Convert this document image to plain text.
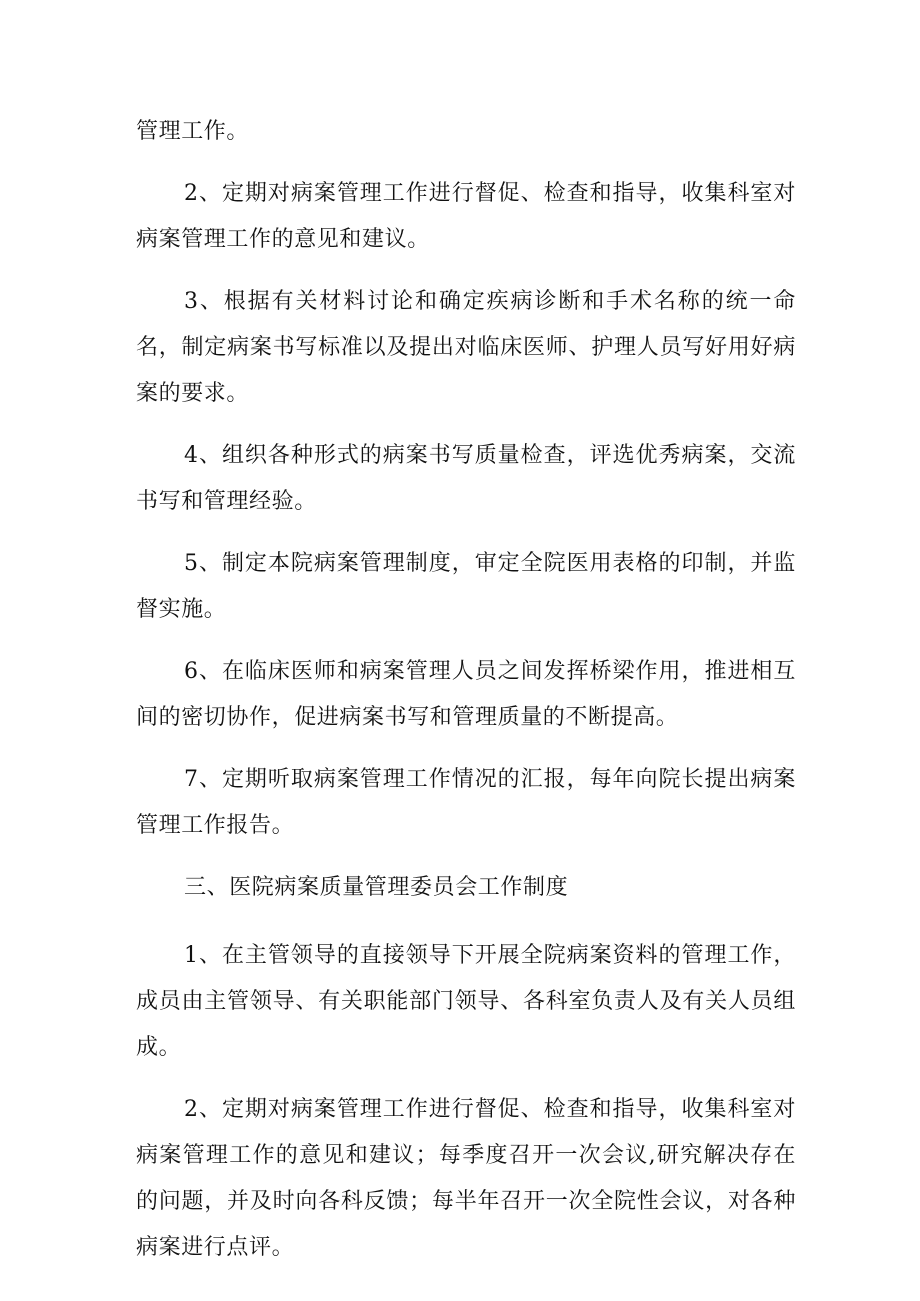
管理工作。

2、定期对病案管理工作进行督促、检查和指导，收集科室对病案管理工作的意见和建议。

3、根据有关材料讨论和确定疾病诊断和手术名称的统一命名，制定病案书写标准以及提出对临床医师、护理人员写好用好病案的要求。

4、组织各种形式的病案书写质量检查，评选优秀病案，交流书写和管理经验。

5、制定本院病案管理制度，审定全院医用表格的印制，并监督实施。

6、在临床医师和病案管理人员之间发挥桥梁作用，推进相互间的密切协作，促进病案书写和管理质量的不断提高。

7、定期听取病案管理工作情况的汇报，每年向院长提出病案管理工作报告。

三、医院病案质量管理委员会工作制度

1、在主管领导的直接领导下开展全院病案资料的管理工作，成员由主管领导、有关职能部门领导、各科室负责人及有关人员组成。

2、定期对病案管理工作进行督促、检查和指导，收集科室对病案管理工作的意见和建议；每季度召开一次会议,研究解决存在的问题，并及时向各科反馈；每半年召开一次全院性会议，对各种病案进行点评。
